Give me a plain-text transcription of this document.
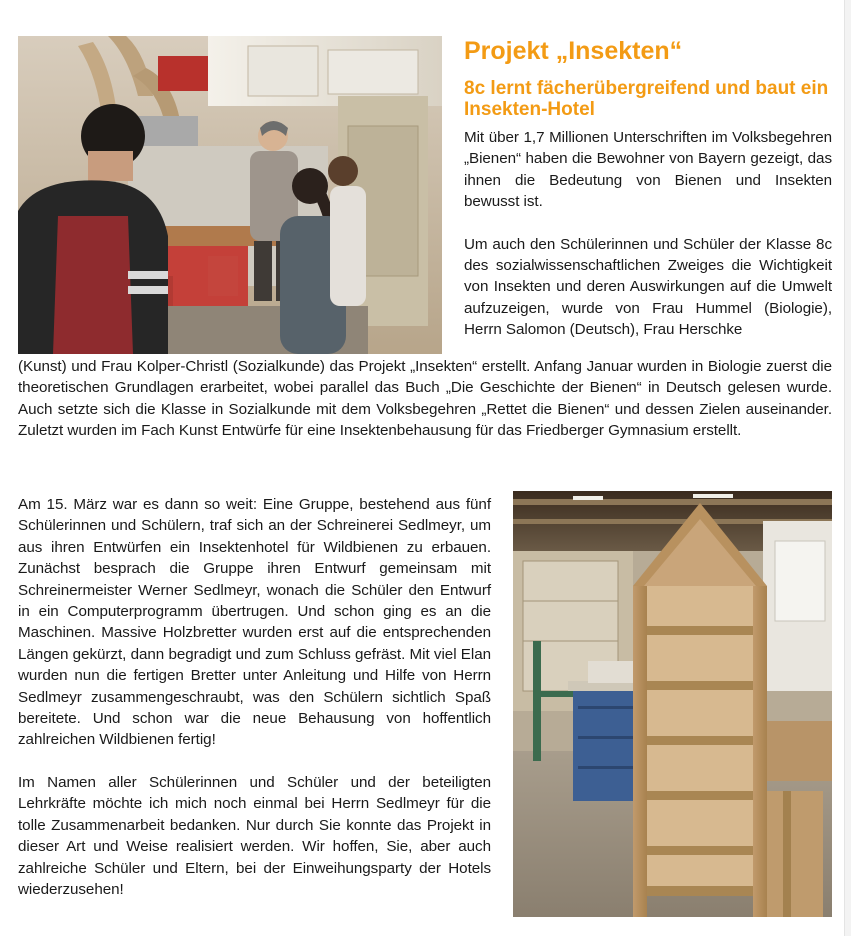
Projekt „Insekten“
8c lernt fächerübergreifend und baut ein Insekten-Hotel

Mit über 1,7 Millionen Unterschriften im Volksbegehren „Bienen“ haben die Bewohner von Bayern gezeigt, das ihnen die Bedeutung von Bienen und Insekten bewusst ist.

Um auch den Schülerinnen und Schüler der Klasse 8c des sozialwissenschaftlichen Zweiges die Wichtigkeit von Insekten und deren Auswirkungen auf die Umwelt aufzuzeigen, wurde von Frau Hummel (Biologie), Herrn Salomon (Deutsch), Frau Herschke

(Kunst) und Frau Kolper-Christl (Sozialkunde) das Projekt „Insekten“ erstellt. Anfang Januar wurden in Biologie zuerst die theoretischen Grundlagen erarbeitet, wobei parallel das Buch „Die Geschichte der Bienen“ in Deutsch gelesen wurde. Auch setzte sich die Klasse in Sozialkunde mit dem Volksbegehren „Rettet die Bienen“ und dessen Zielen auseinander. Zuletzt wurden im Fach Kunst Entwürfe für eine Insektenbehausung für das Friedberger Gymnasium erstellt.

Am 15. März war es dann so weit: Eine Gruppe, bestehend aus fünf Schülerinnen und Schülern, traf sich an der Schreinerei Sedlmeyr, um aus ihren Entwürfen ein Insektenhotel für Wildbienen zu erbauen. Zunächst besprach die Gruppe ihren Entwurf gemeinsam mit Schreinermeister Werner Sedlmeyr, wonach die Schüler den Entwurf in ein Computerprogramm übertrugen. Und schon ging es an die Maschinen. Massive Holzbretter wurden erst auf die entsprechenden Längen gekürzt, dann begradigt und zum Schluss gefräst. Mit viel Elan wurden nun die fertigen Bretter unter Anleitung und Hilfe von Herrn Sedlmeyr zusammengeschraubt, was den Schülern sichtlich Spaß bereitete. Und schon war die neue Behausung von hoffentlich zahlreichen Wildbienen fertig!

Im Namen aller Schülerinnen und Schüler und der beteiligten Lehrkräfte möchte ich mich noch einmal bei Herrn Sedlmeyr für die tolle Zusammenarbeit bedanken. Nur durch Sie konnte das Projekt in dieser Art und Weise realisiert werden. Wir hoffen, Sie, aber auch zahlreiche Schüler und Eltern, bei der Einweihungsparty der Hotels wiederzusehen!
